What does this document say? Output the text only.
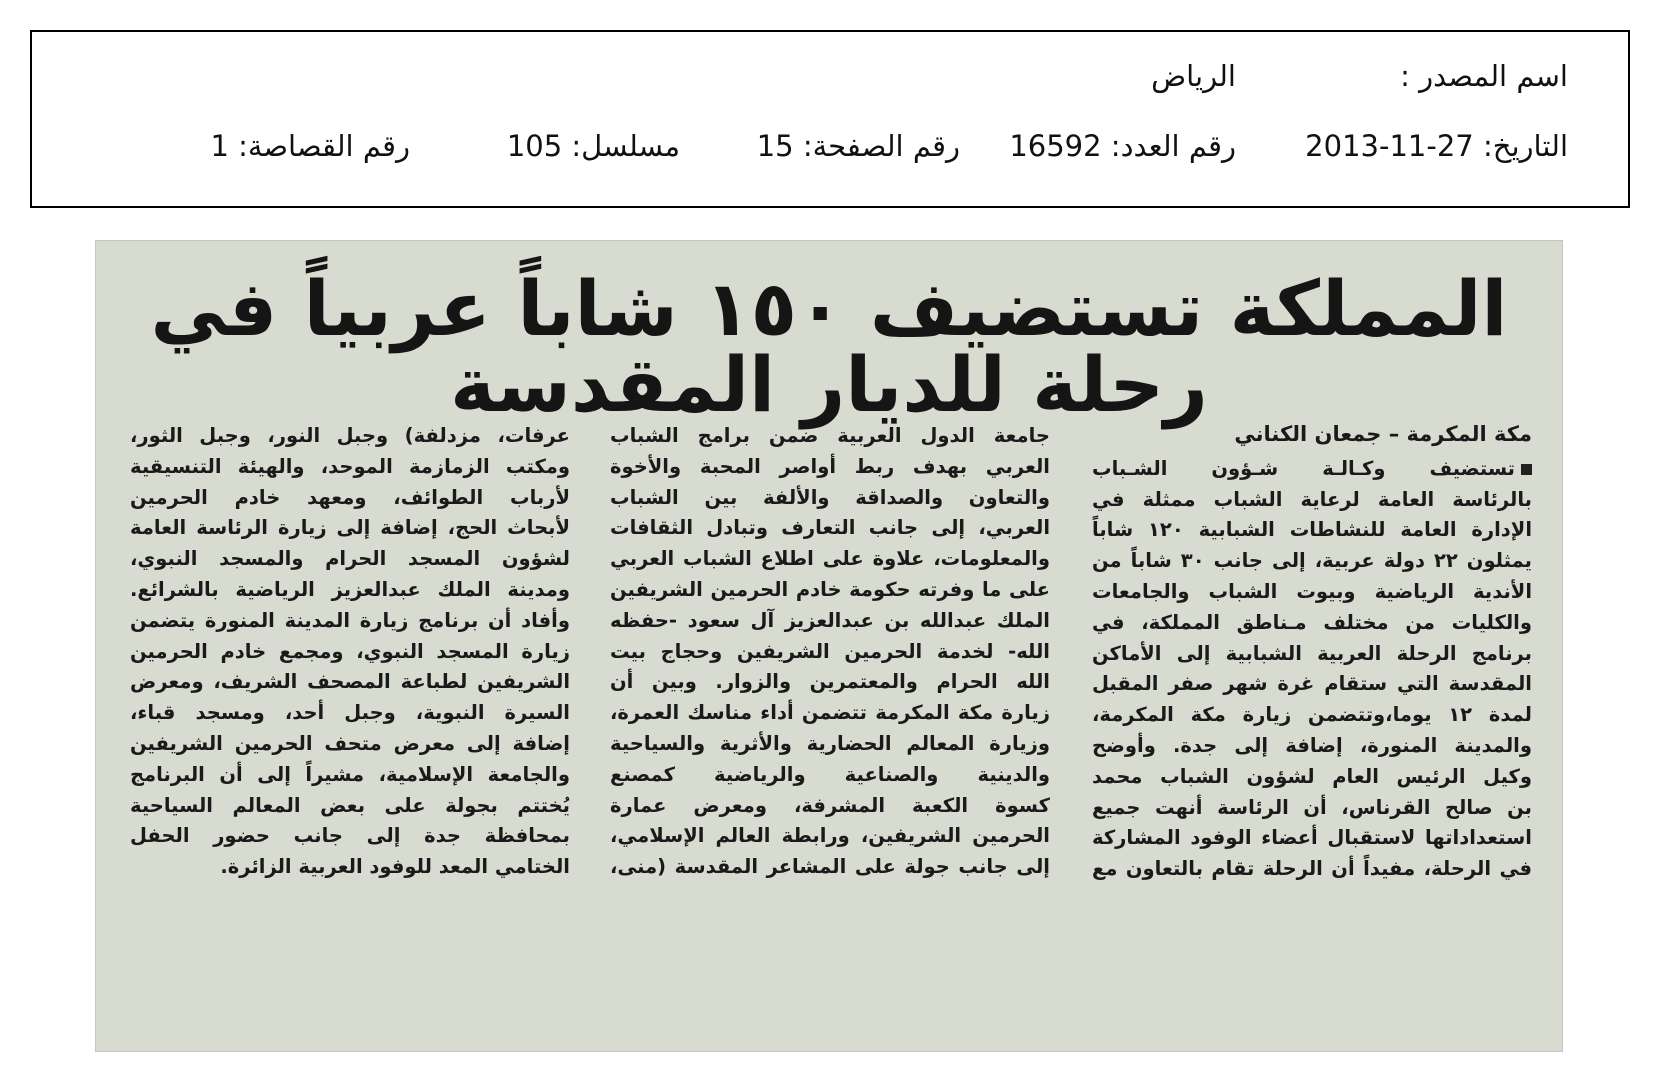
اسم المصدر :
الرياض
التاريخ: 27-11-2013
رقم العدد: 16592
رقم الصفحة: 15
مسلسل: 105
رقم القصاصة: 1
المملكة تستضيف ١٥٠ شاباً عربياً في رحلة للديار المقدسة
مكة المكرمة – جمعان الكناني
تستضيف وكـالـة شـؤون الشـباب
بالرئاسة العامة لرعاية الشباب ممثلة في
الإدارة العامة للنشاطات الشبابية ١٢٠ شاباً
يمثلون ٢٢ دولة عربية، إلى جانب ٣٠ شاباً من
الأندية الرياضية وبيوت الشباب والجامعات
والكليات من مختلف مـناطق المملكة، في
برنامج الرحلة العربية الشبابية إلى الأماكن
المقدسة التي ستقام غرة شهر صفر المقبل
لمدة ١٢ يوما،وتتضمن زيارة مكة المكرمة،
والمدينة المنورة، إضافة إلى جدة. وأوضح
وكيل الرئيس العام لشؤون الشباب محمد
بن صالح القرناس، أن الرئاسة أنهت جميع
استعداداتها لاستقبال أعضاء الوفود المشاركة
في الرحلة، مفيداً أن الرحلة تقام بالتعاون مع
جامعة الدول العربية ضمن برامج الشباب
العربي بهدف ربط أواصر المحبة والأخوة
والتعاون والصداقة والألفة بين الشباب
العربي، إلى جانب التعارف وتبادل الثقافات
والمعلومات، علاوة على اطلاع الشباب العربي
على ما وفرته حكومة خادم الحرمين الشريفين
الملك عبدالله بن عبدالعزيز آل سعود -حفظه
الله- لخدمة الحرمين الشريفين وحجاج بيت
الله الحرام والمعتمرين والزوار. وبين أن
زيارة مكة المكرمة تتضمن أداء مناسك العمرة،
وزيارة المعالم الحضارية والأثرية والسياحية
والدينية والصناعية والرياضية كمصنع
كسوة الكعبة المشرفة، ومعرض عمارة
الحرمين الشريفين، ورابطة العالم الإسلامي،
إلى جانب جولة على المشاعر المقدسة (منى،
عرفات، مزدلفة) وجبل النور، وجبل الثور،
ومكتب الزمازمة الموحد، والهيئة التنسيقية
لأرباب الطوائف، ومعهد خادم الحرمين
لأبحاث الحج، إضافة إلى زيارة الرئاسة العامة
لشؤون المسجد الحرام والمسجد النبوي،
ومدينة الملك عبدالعزيز الرياضية بالشرائع.
وأفاد أن برنامج زيارة المدينة المنورة يتضمن
زيارة المسجد النبوي، ومجمع خادم الحرمين
الشريفين لطباعة المصحف الشريف، ومعرض
السيرة النبوية، وجبل أحد، ومسجد قباء،
إضافة إلى معرض متحف الحرمين الشريفين
والجامعة الإسلامية، مشيراً إلى أن البرنامج
يُختتم بجولة على بعض المعالم السياحية
بمحافظة جدة إلى جانب حضور الحفل
الختامي المعد للوفود العربية الزائرة.
